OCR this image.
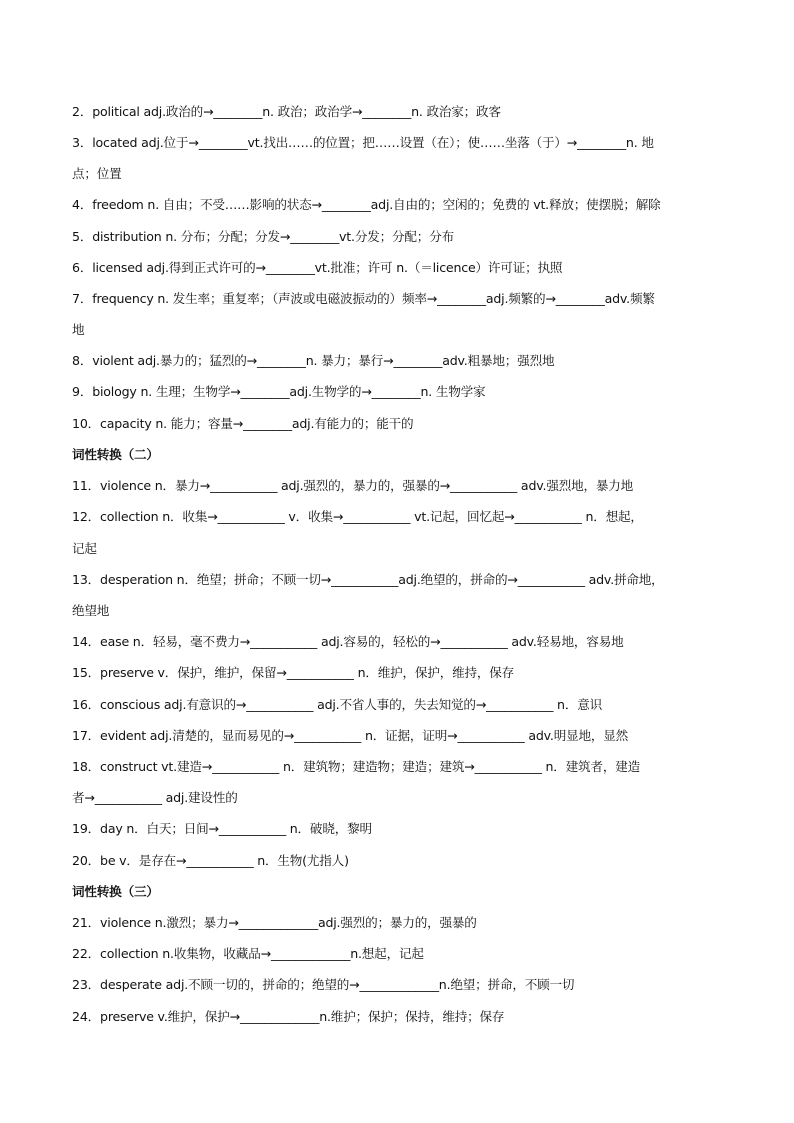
2．political adj.政治的→________n. 政治；政治学→________n. 政治家；政客
3．located adj.位于→________vt.找出……的位置；把……设置（在）；使……坐落（于）→________n. 地
点；位置
4．freedom n. 自由；不受……影响的状态→________adj.自由的；空闲的；免费的 vt.释放；使摆脱；解除
5．distribution n. 分布；分配；分发→________vt.分发；分配；分布
6．licensed adj.得到正式许可的→________vt.批准；许可 n.（＝licence）许可证；执照
7．frequency n. 发生率；重复率；（声波或电磁波振动的）频率→________adj.频繁的→________adv.频繁
地
8．violent adj.暴力的；猛烈的→________n. 暴力；暴行→________adv.粗暴地；强烈地
9．biology n. 生理；生物学→________adj.生物学的→________n. 生物学家
10．capacity n. 能力；容量→________adj.有能力的；能干的
词性转换（二）
11．violence n．暴力→___________ adj.强烈的，暴力的，强暴的→___________ adv.强烈地，暴力地
12．collection n．收集→___________ v．收集→___________ vt.记起，回忆起→___________ n．想起，
记起
13．desperation n．绝望；拼命；不顾一切→___________adj.绝望的，拼命的→___________ adv.拼命地，
绝望地
14．ease n．轻易，毫不费力→___________ adj.容易的，轻松的→___________ adv.轻易地，容易地
15．preserve v．保护，维护，保留→___________ n．维护，保护，维持，保存
16．conscious adj.有意识的→___________ adj.不省人事的，失去知觉的→___________ n．意识
17．evident adj.清楚的，显而易见的→___________ n．证据，证明→___________ adv.明显地，显然
18．construct vt.建造→___________ n．建筑物；建造物；建造；建筑→___________ n．建筑者，建造
者→___________ adj.建设性的
19．day n．白天；日间→___________ n．破晓，黎明
20．be v．是存在→___________ n．生物(尤指人)
词性转换（三）
21．violence n.激烈；暴力→_____________adj.强烈的；暴力的，强暴的
22．collection n.收集物，收藏品→_____________n.想起，记起
23．desperate adj.不顾一切的，拼命的；绝望的→_____________n.绝望；拼命，不顾一切
24．preserve v.维护，保护→_____________n.维护；保护；保持，维持；保存
